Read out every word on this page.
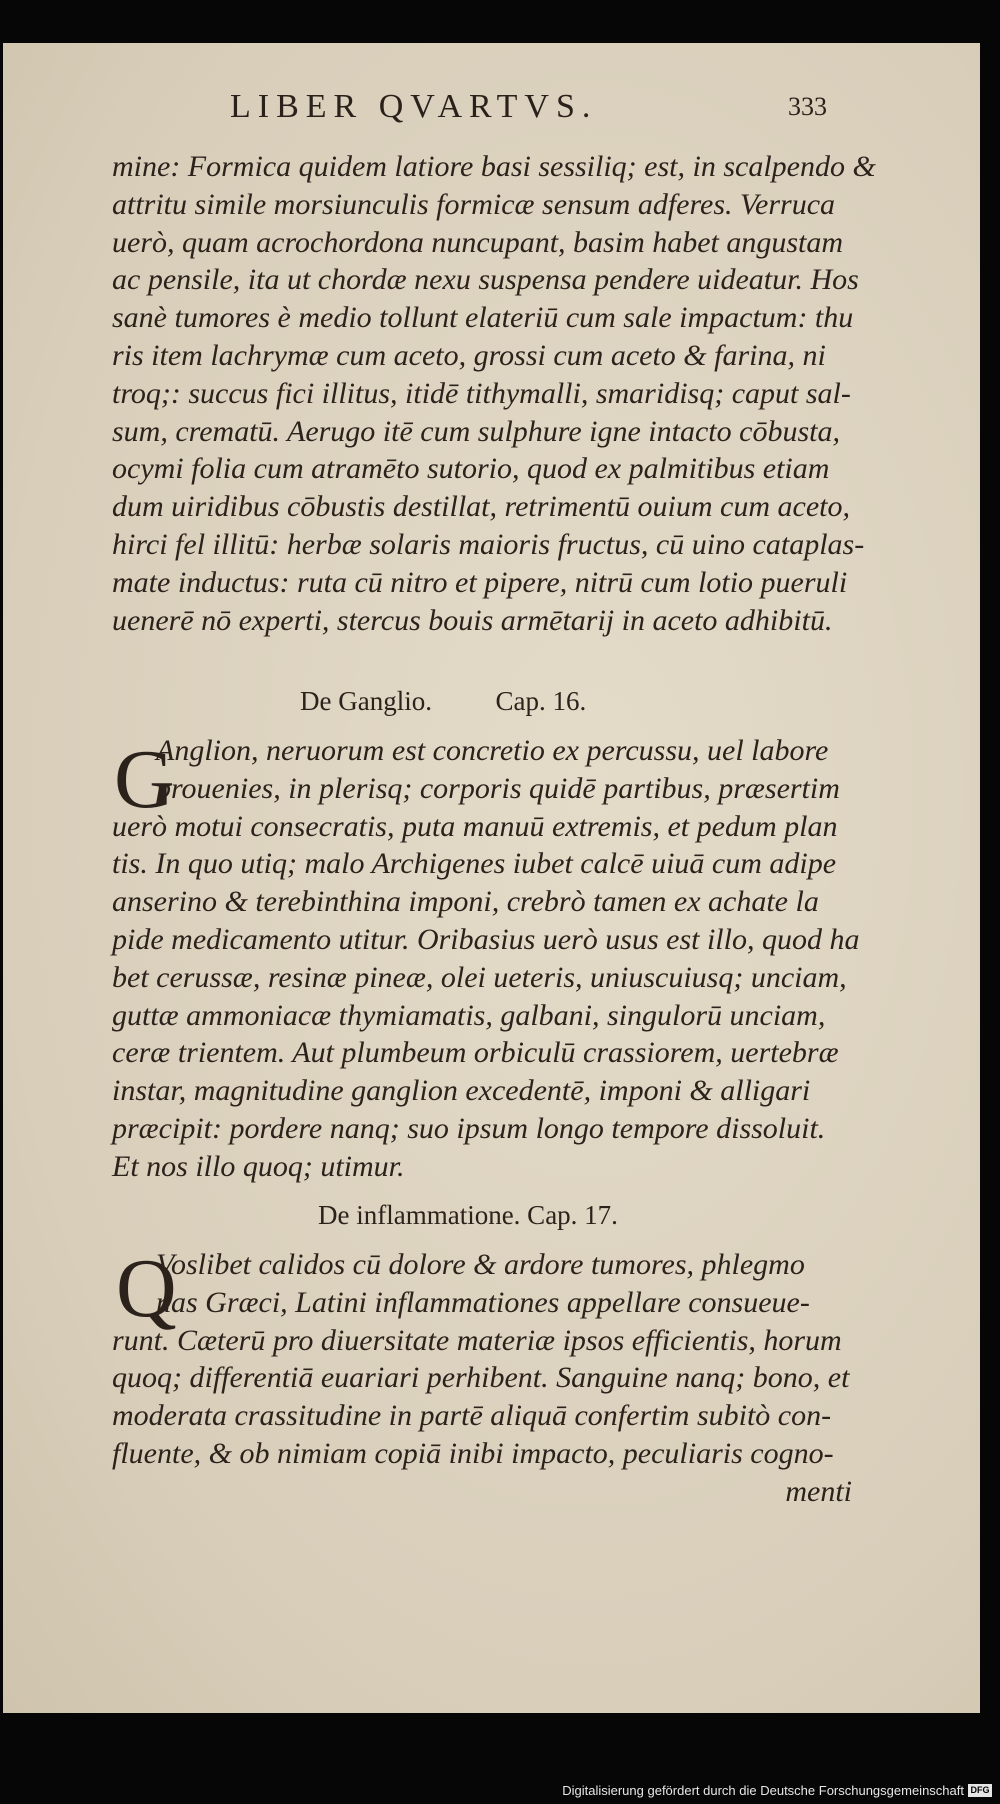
LIBER QVARTVS.	333
mine: Formica quidem latiore basi sessiliq; est, in scalpendo &
attritu simile morsiunculis formicæ sensum adferes. Verruca
uerò, quam acrochordona nuncupant, basim habet angustam
ac pensile, ita ut chordæ nexu suspensa pendere uideatur. Hos
sanè tumores è medio tollunt elateriū cum sale impactum: thu
ris item lachrymæ cum aceto, grossi cum aceto & farina, ni
troq;: succus fici illitus, itidē tithymalli, smaridisq; caput sal-
sum, crematū. Aerugo itē cum sulphure igne intacto cōbusta,
ocymi folia cum atramēto sutorio, quod ex palmitibus etiam
dum uiridibus cōbustis destillat, retrimentū ouium cum aceto,
hirci fel illitū: herbæ solaris maioris fructus, cū uino cataplas-
mate inductus: ruta cū nitro et pipere, nitrū cum lotio pueruli
uenerē nō experti, stercus bouis armētarij in aceto adhibitū.
De Ganglio. Cap. 16.
G
Anglion, neruorum est concretio ex percussu, uel labore
prouenies, in plerisq; corporis quidē partibus, præsertim
uerò motui consecratis, puta manuū extremis, et pedum plan
tis. In quo utiq; malo Archigenes iubet calcē uiuā cum adipe
anserino & terebinthina imponi, crebrò tamen ex achate la
pide medicamento utitur. Oribasius uerò usus est illo, quod ha
bet cerussæ, resinæ pineæ, olei ueteris, uniuscuiusq; unciam,
guttæ ammoniacæ thymiamatis, galbani, singulorū unciam,
ceræ trientem. Aut plumbeum orbiculū crassiorem, uertebræ
instar, magnitudine ganglion excedentē, imponi & alligari
præcipit: pordere nanq; suo ipsum longo tempore dissoluit.
Et nos illo quoq; utimur.
De inflammatione. Cap. 17.
Q
Voslibet calidos cū dolore & ardore tumores, phlegmo
nas Græci, Latini inflammationes appellare consueue-
runt. Cæterū pro diuersitate materiæ ipsos efficientis, horum
quoq; differentiā euariari perhibent. Sanguine nanq; bono, et
moderata crassitudine in partē aliquā confertim subitò con-
fluente, & ob nimiam copiā inibi impacto, peculiaris cogno-
menti
Digitalisierung gefördert durch die Deutsche Forschungsgemeinschaft DFG
